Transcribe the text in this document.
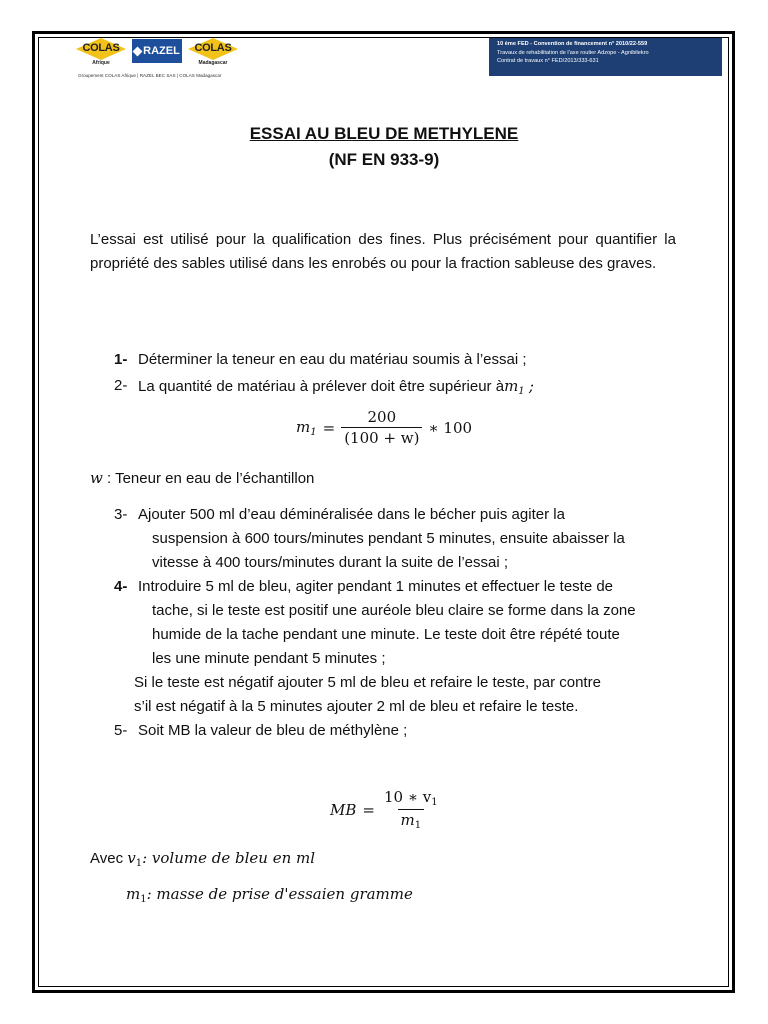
COLAS
Afrique
RAZEL	COLAS
Madagascar
Groupement COLAS Afrique | RAZEL BEC SAS | COLAS Madagascar
10 ème FED - Convention de financement n° 2010/22-559
Travaux de rehabilitation de l'axe routier Adzope - Agnibilekro
Contrat de travaux n° FED/2013/333-631
ESSAI AU BLEU DE METHYLENE
(NF EN 933-9)
L’essai est utilisé pour la qualification des fines. Plus précisément pour quantifier la propriété des sables utilisé dans les enrobés ou pour la fraction sableuse des graves.
1- Déterminer la teneur en eau du matériau soumis à l’essai ;
2- La quantité de matériau à prélever doit être supérieur $àm_1$ ;
$m_1 = \frac{200}{(100 + w)}$ ∗ 100
w : Teneur en eau de l’échantillon
3- Ajouter 500 ml d’eau déminéralisée dans le bécher puis agiter la
suspension à 600 tours/minutes pendant 5 minutes, ensuite abaisser la
vitesse à 400 tours/minutes durant la suite de l’essai ;
4- Introduire 5 ml de bleu, agiter pendant 1 minutes et effectuer le teste de
tache, si le teste est positif une auréole bleu claire se forme dans la zone
humide de la tache pendant une minute. Le teste doit être répété toute
les une minute pendant 5 minutes ;
Si le teste est négatif ajouter 5 ml de bleu et refaire le teste, par contre
s’il est négatif à la 5 minutes ajouter 2 ml de bleu et refaire le teste.
5- Soit MB la valeur de bleu de méthylène ;
MB = $\frac{10 ∗ v_1}{m_1}$
Avec $v_1$: volume de bleu en ml
$m_1$: masse de prise d'essaien gramme
